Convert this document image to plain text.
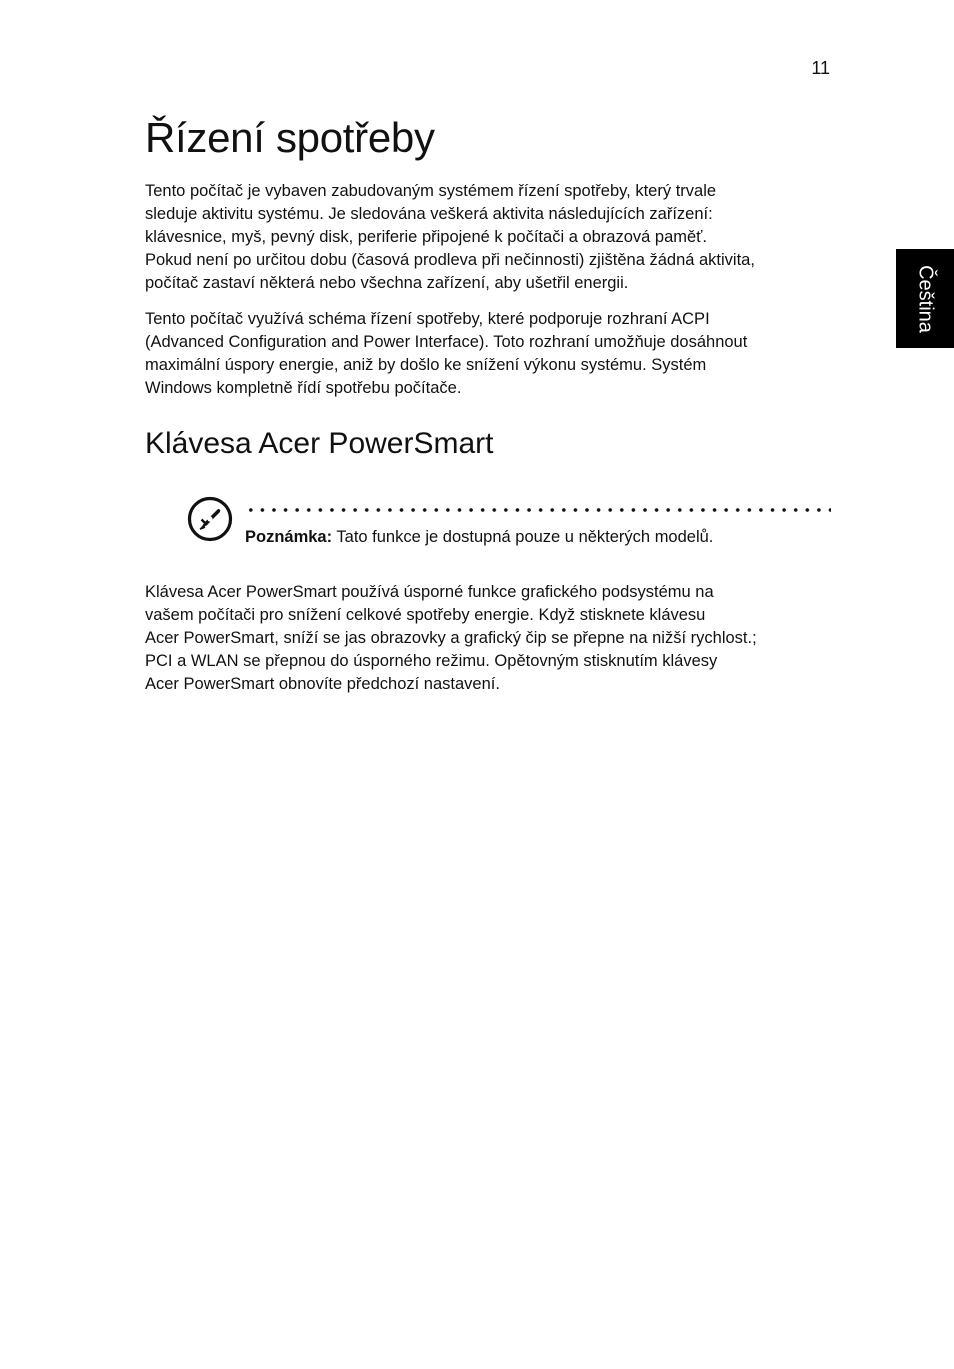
11
Čeština
Řízení spotřeby

Tento počítač je vybaven zabudovaným systémem řízení spotřeby, který trvale
sleduje aktivitu systému. Je sledována veškerá aktivita následujících zařízení:
klávesnice, myš, pevný disk, periferie připojené k počítači a obrazová paměť.
Pokud není po určitou dobu (časová prodleva při nečinnosti) zjištěna žádná aktivita,
počítač zastaví některá nebo všechna zařízení, aby ušetřil energii.

Tento počítač využívá schéma řízení spotřeby, které podporuje rozhraní ACPI
(Advanced Configuration and Power Interface). Toto rozhraní umožňuje dosáhnout
maximální úspory energie, aniž by došlo ke snížení výkonu systému. Systém
Windows kompletně řídí spotřebu počítače.

Klávesa Acer PowerSmart
Poznámka: Tato funkce je dostupná pouze u některých modelů.

Klávesa Acer PowerSmart používá úsporné funkce grafického podsystému na
vašem počítači pro snížení celkové spotřeby energie. Když stisknete klávesu
Acer PowerSmart, sníží se jas obrazovky a grafický čip se přepne na nižší rychlost.;
PCI a WLAN se přepnou do úsporného režimu. Opětovným stisknutím klávesy
Acer PowerSmart obnovíte předchozí nastavení.
